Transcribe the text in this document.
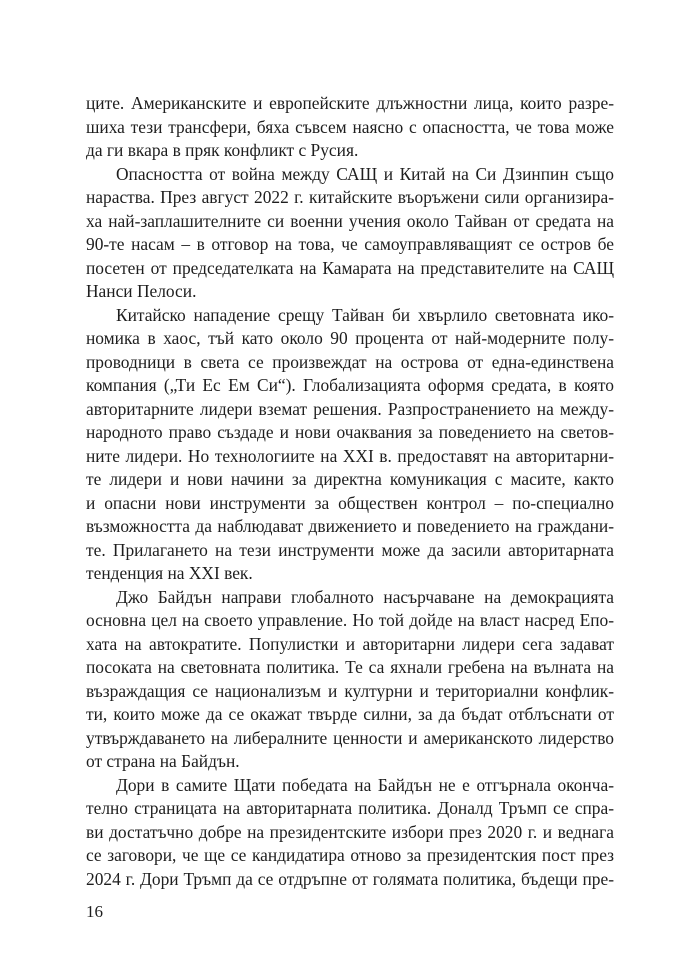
ците. Американските и европейските длъжностни лица, които разре-
шиха тези трансфери, бяха съвсем наясно с опасността, че това може
да ги вкара в пряк конфликт с Русия.
Опасността от война между САЩ и Китай на Си Дзинпин също
нараства. През август 2022 г. китайските въоръжени сили организира-
ха най-заплашителните си военни учения около Тайван от средата на
90-те насам – в отговор на това, че самоуправляващият се остров бе
посетен от председателката на Камарата на представителите на САЩ
Нанси Пелоси.
Китайско нападение срещу Тайван би хвърлило световната ико-
номика в хаос, тъй като около 90 процента от най-модерните полу-
проводници в света се произвеждат на острова от една-единствена
компания („Ти Ес Ем Си“). Глобализацията оформя средата, в която
авторитарните лидери вземат решения. Разпространението на между-
народното право създаде и нови очаквания за поведението на светов-
ните лидери. Но технологиите на XXI в. предоставят на авторитарни-
те лидери и нови начини за директна комуникация с масите, както
и опасни нови инструменти за обществен контрол – по-специално
възможността да наблюдават движението и поведението на граждани-
те. Прилагането на тези инструменти може да засили авторитарната
тенденция на XXI век.
Джо Байдън направи глобалното насърчаване на демокрацията
основна цел на своето управление. Но той дойде на власт насред Епо-
хата на автократите. Популистки и авторитарни лидери сега задават
посоката на световната политика. Те са яхнали гребена на вълната на
възраждащия се национализъм и културни и териториални конфлик-
ти, които може да се окажат твърде силни, за да бъдат отблъснати от
утвърждаването на либералните ценности и американското лидерство
от страна на Байдън.
Дори в самите Щати победата на Байдън не е отгърнала оконча-
телно страницата на авторитарната политика. Доналд Тръмп се спра-
ви достатъчно добре на президентските избори през 2020 г. и веднага
се заговори, че ще се кандидатира отново за президентския пост през
2024 г. Дори Тръмп да се отдръпне от голямата политика, бъдещи пре-
16
